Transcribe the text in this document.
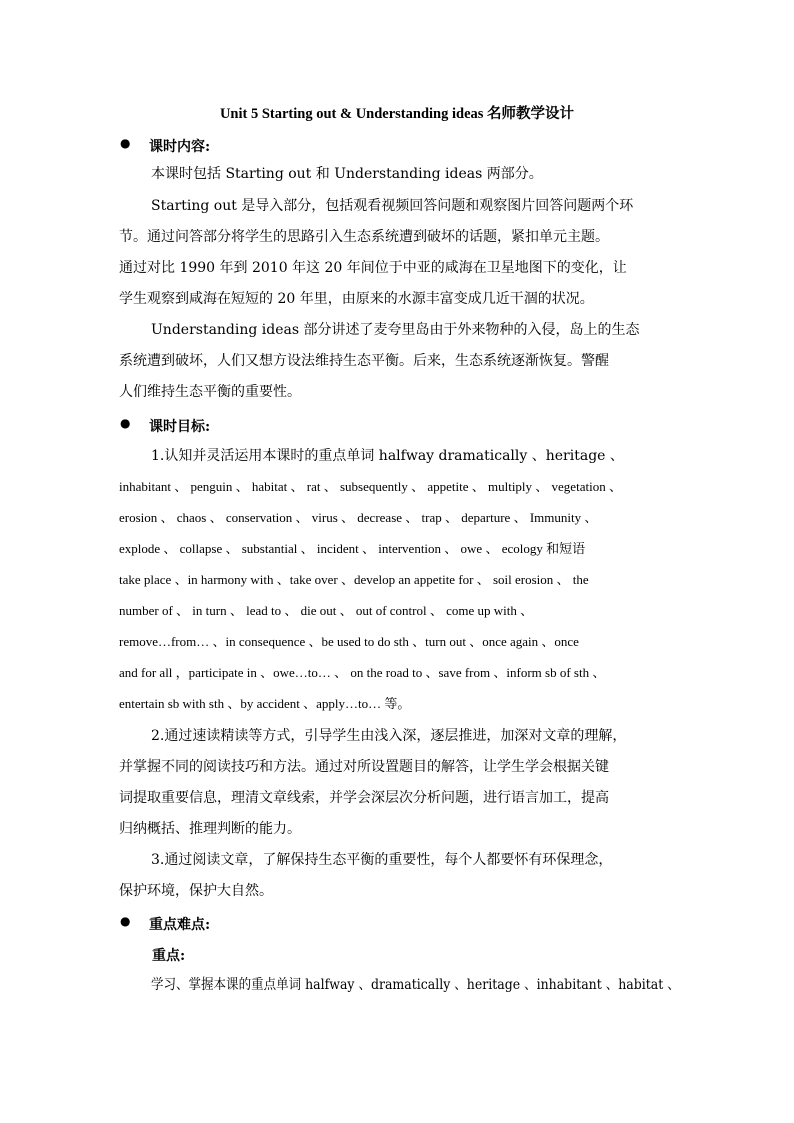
Unit 5 Starting out & Understanding ideas 名师教学设计
● 课时内容:
本课时包括 Starting out 和 Understanding ideas 两部分。
Starting out 是导入部分，包括观看视频回答问题和观察图片回答问题两个环
节。通过问答部分将学生的思路引入生态系统遭到破坏的话题，紧扣单元主题。
通过对比 1990 年到 2010 年这 20 年间位于中亚的咸海在卫星地图下的变化，让
学生观察到咸海在短短的 20 年里，由原来的水源丰富变成几近干涸的状况。
Understanding ideas 部分讲述了麦夸里岛由于外来物种的入侵，岛上的生态
系统遭到破坏，人们又想方设法维持生态平衡。后来，生态系统逐渐恢复。警醒
人们维持生态平衡的重要性。
● 课时目标:
1.认知并灵活运用本课时的重点单词 halfway dramatically 、heritage 、
inhabitant 、 penguin 、 habitat 、 rat 、 subsequently 、 appetite 、 multiply 、 vegetation 、
erosion 、 chaos 、 conservation 、 virus 、 decrease 、 trap 、 departure 、 Immunity 、
explode 、 collapse 、 substantial 、 incident 、 intervention 、 owe 、 ecology 和短语
take place 、in harmony with 、take over 、develop an appetite for 、 soil erosion 、 the
number of 、 in turn 、 lead to 、 die out 、 out of control 、 come up with 、
remove…from… 、in consequence 、be used to do sth 、turn out 、once again 、once
and for all ，participate in 、owe…to… 、 on the road to 、save from 、inform sb of sth 、
entertain sb with sth 、by accident 、apply…to… 等。
2.通过速读精读等方式，引导学生由浅入深，逐层推进，加深对文章的理解，
并掌握不同的阅读技巧和方法。通过对所设置题目的解答，让学生学会根据关键
词提取重要信息，理清文章线索，并学会深层次分析问题，进行语言加工，提高
归纳概括、推理判断的能力。
3.通过阅读文章，了解保持生态平衡的重要性，每个人都要怀有环保理念，
保护环境，保护大自然。
● 重点难点:
重点:
学习、掌握本课的重点单词 halfway 、dramatically 、heritage 、inhabitant 、habitat 、
